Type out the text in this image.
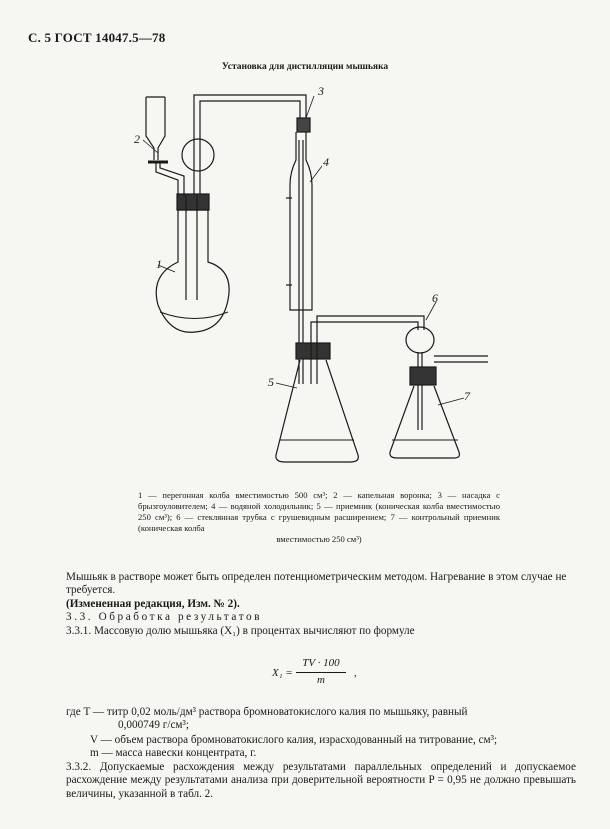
С. 5 ГОСТ 14047.5—78
Установка для дистилляции мышьяка
1
2
3
4
5
6
7
1 — перегонная колба вместимостью 500 см³; 2 — капельная воронка; 3 — насадка с брызгоуловителем; 4 — водяной холодильник; 5 — приемник (коническая колба вместимостью 250 см³); 6 — стеклянная трубка с грушевидным расширением; 7 — контрольный приемник (коническая колба
вместимостью 250 см³)

Мышьяк в растворе может быть определен потенциометрическим методом. Нагревание в этом случае не требуется.

(Измененная редакция, Изм. № 2).

3.3. Обработка результатов

3.3.1. Массовую долю мышьяка (X₁) в процентах вычисляют по формуле

X₁ =
TV · 100
m
,
где T — титр 0,02 моль/дм³ раствора бромноватокислого калия по мышьяку, равный
0,000749 г/см³;
V — объем раствора бромноватокислого калия, израсходованный на титрование, см³;
m — масса навески концентрата, г.
3.3.2. Допускаемые расхождения между результатами параллельных определений и допускаемое расхождение между результатами анализа при доверительной вероятности P = 0,95 не должно превышать величины, указанной в табл. 2.
